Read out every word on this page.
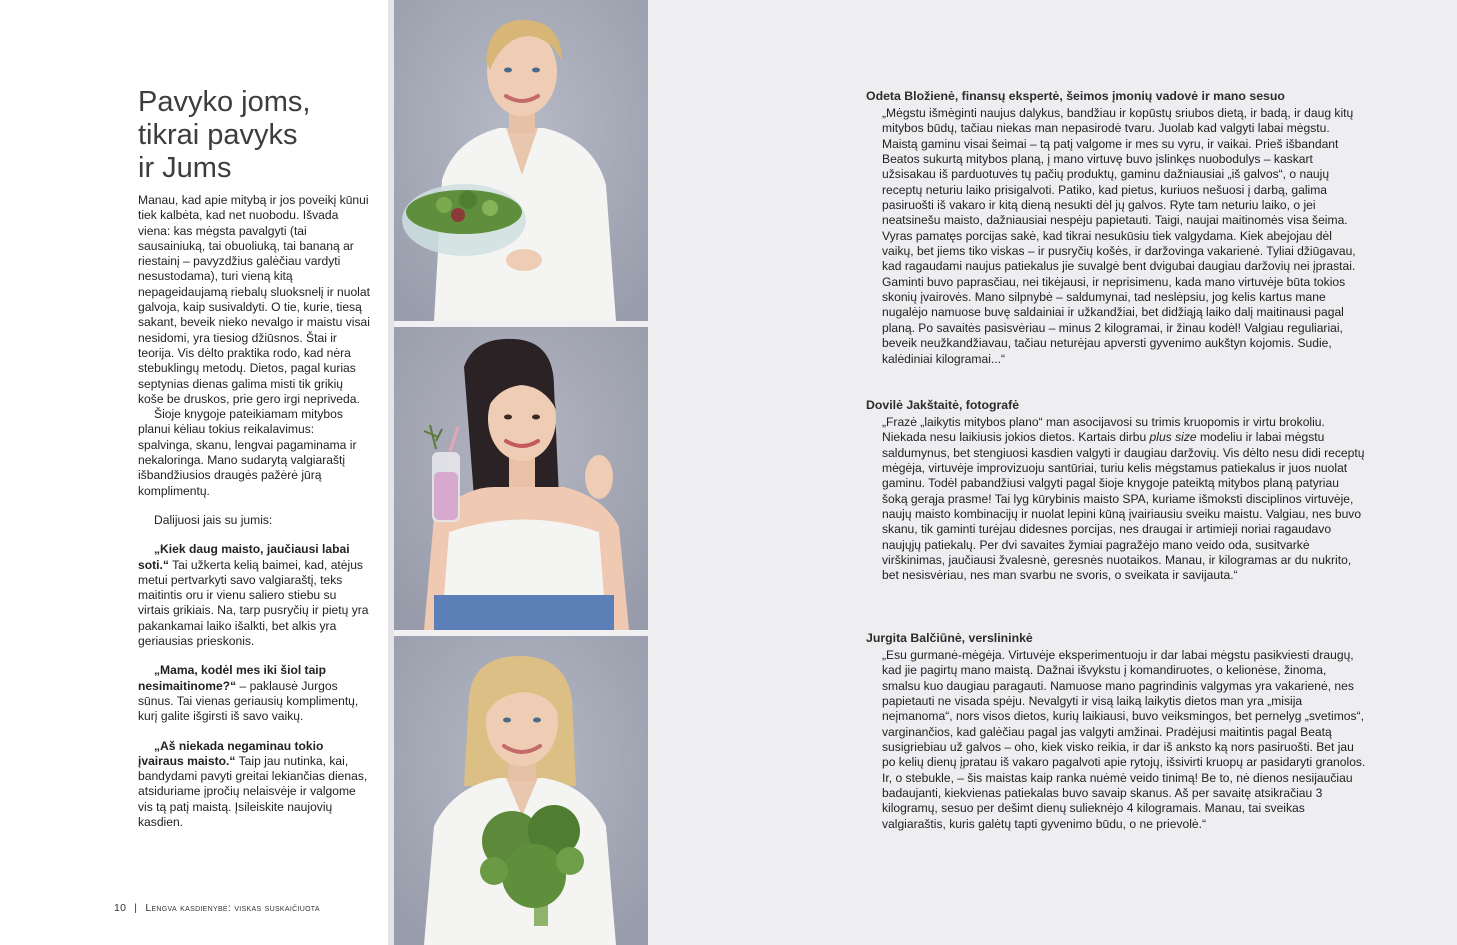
Pavyko joms,
tikrai pavyks
ir Jums

Manau, kad apie mitybą ir jos poveikį kūnui tiek kalbėta, kad net nuobodu. Išvada viena: kas mėgsta pavalgyti (tai sausainiuką, tai obuoliuką, tai bananą ar riestainį – pavyzdžius galėčiau vardyti nesustodama), turi vieną kitą nepageidaujamą riebalų sluoksnelį ir nuolat galvoja, kaip susivaldyti. O tie, kurie, tiesą sakant, beveik nieko nevalgo ir maistu visai nesidomi, yra tiesiog džiūsnos. Štai ir teorija. Vis dėlto praktika rodo, kad nėra stebuklingų metodų. Dietos, pagal kurias septynias dienas galima misti tik grikių koše be druskos, prie gero irgi nepriveda.

Šioje knygoje pateikiamam mitybos planui kėliau tokius reikalavimus: spalvinga, skanu, lengvai pagaminama ir nekaloringa. Mano sudarytą valgiaraštį išbandžiusios draugės pažėrė jūrą komplimentų.

Dalijuosi jais su jumis:

„Kiek daug maisto, jaučiausi labai soti.“ Tai užkerta kelią baimei, kad, atėjus metui pertvarkyti savo valgiaraštį, teks maitintis oru ir vienu saliero stiebu su virtais grikiais. Na, tarp pusryčių ir pietų yra pakankamai laiko išalkti, bet alkis yra geriausias prieskonis.

„Mama, kodėl mes iki šiol taip nesimaitinome?“ – paklausė Jurgos sūnus. Tai vienas geriausių komplimentų, kurį galite išgirsti iš savo vaikų.

„Aš niekada negaminau tokio įvairaus maisto.“ Taip jau nutinka, kai, bandydami pavyti greitai lekiančias dienas, atsiduriame įpročių nelaisvėje ir valgome vis tą patį maistą. Įsileiskite naujovių kasdien.

10 | Lengva kasdienybė: viskas suskaičiuota

Odeta Bložienė, finansų ekspertė, šeimos įmonių vadovė ir mano sesuo

„Mėgstu išmėginti naujus dalykus, bandžiau ir kopūstų sriubos dietą, ir badą, ir daug kitų mitybos būdų, tačiau niekas man nepasirodė tvaru. Juolab kad valgyti labai mėgstu. Maistą gaminu visai šeimai – tą patį valgome ir mes su vyru, ir vaikai. Prieš išbandant Beatos sukurtą mitybos planą, į mano virtuvę buvo įslinkęs nuobodulys – kaskart užsisakau iš parduotuvės tų pačių produktų, gaminu dažniausiai „iš galvos“, o naujų receptų neturiu laiko prisigalvoti. Patiko, kad pietus, kuriuos nešuosi į darbą, galima pasiruošti iš vakaro ir kitą dieną nesukti dėl jų galvos. Ryte tam neturiu laiko, o jei neatsinešu maisto, dažniausiai nespėju papietauti. Taigi, naujai maitinomės visa šeima. Vyras pamatęs porcijas sakė, kad tikrai nesukūsiu tiek valgydama. Kiek abejojau dėl vaikų, bet jiems tiko viskas – ir pusryčių košės, ir daržovinga vakarienė. Tyliai džiūgavau, kad ragaudami naujus patiekalus jie suvalgė bent dvigubai daugiau daržovių nei įprastai. Gaminti buvo paprasčiau, nei tikėjausi, ir neprisimenu, kada mano virtuvėje būta tokios skonių įvairovės. Mano silpnybė – saldumynai, tad neslėpsiu, jog kelis kartus mane nugalėjo namuose buvę saldainiai ir užkandžiai, bet didžiąją laiko dalį maitinausi pagal planą. Po savaitės pasisvėriau – minus 2 kilogramai, ir žinau kodėl! Valgiau reguliariai, beveik neužkandžiavau, tačiau neturėjau apversti gyvenimo aukštyn kojomis. Sudie, kalėdiniai kilogramai...“

Dovilė Jakštaitė, fotografė

„Frazė „laikytis mitybos plano“ man asocijavosi su trimis kruopomis ir virtu brokoliu. Niekada nesu laikiusis jokios dietos. Kartais dirbu plus size modeliu ir labai mėgstu saldumynus, bet stengiuosi kasdien valgyti ir daugiau daržovių. Vis dėlto nesu didi receptų mėgėja, virtuvėje improvizuoju santūriai, turiu kelis mėgstamus patiekalus ir juos nuolat gaminu. Todėl pabandžiusi valgyti pagal šioje knygoje pateiktą mitybos planą patyriau šoką gerąja prasme! Tai lyg kūrybinis maisto SPA, kuriame išmoksti disciplinos virtuvėje, naujų maisto kombinacijų ir nuolat lepini kūną įvairiausiu sveiku maistu. Valgiau, nes buvo skanu, tik gaminti turėjau didesnes porcijas, nes draugai ir artimieji noriai ragaudavo naujųjų patiekalų. Per dvi savaites žymiai pagražėjo mano veido oda, susitvarkė virškinimas, jaučiausi žvalesnė, geresnės nuotaikos. Manau, ir kilogramas ar du nukrito, bet nesisvėriau, nes man svarbu ne svoris, o sveikata ir savijauta.“

Jurgita Balčiūnė, verslininkė

„Esu gurmanė-mėgėja. Virtuvėje eksperimentuoju ir dar labai mėgstu pasikviesti draugų, kad jie pagirtų mano maistą. Dažnai išvykstu į komandiruotes, o kelionėse, žinoma, smalsu kuo daugiau paragauti. Namuose mano pagrindinis valgymas yra vakarienė, nes papietauti ne visada spėju. Nevalgyti ir visą laiką laikytis dietos man yra „misija neįmanoma“, nors visos dietos, kurių laikiausi, buvo veiksmingos, bet pernelyg „svetimos“, varginančios, kad galėčiau pagal jas valgyti amžinai. Pradėjusi maitintis pagal Beatą susigriebiau už galvos – oho, kiek visko reikia, ir dar iš anksto ką nors pasiruošti. Bet jau po kelių dienų įpratau iš vakaro pagalvoti apie rytojų, išsivirti kruopų ar pasidaryti granolos. Ir, o stebukle, – šis maistas kaip ranka nuėmė veido tinimą! Be to, nė dienos nesijaučiau badaujanti, kiekvienas patiekalas buvo savaip skanus. Aš per savaitę atsikračiau 3 kilogramų, sesuo per dešimt dienų sulieknėjo 4 kilogramais. Manau, tai sveikas valgiaraštis, kuris galėtų tapti gyvenimo būdu, o ne prievolė.“
